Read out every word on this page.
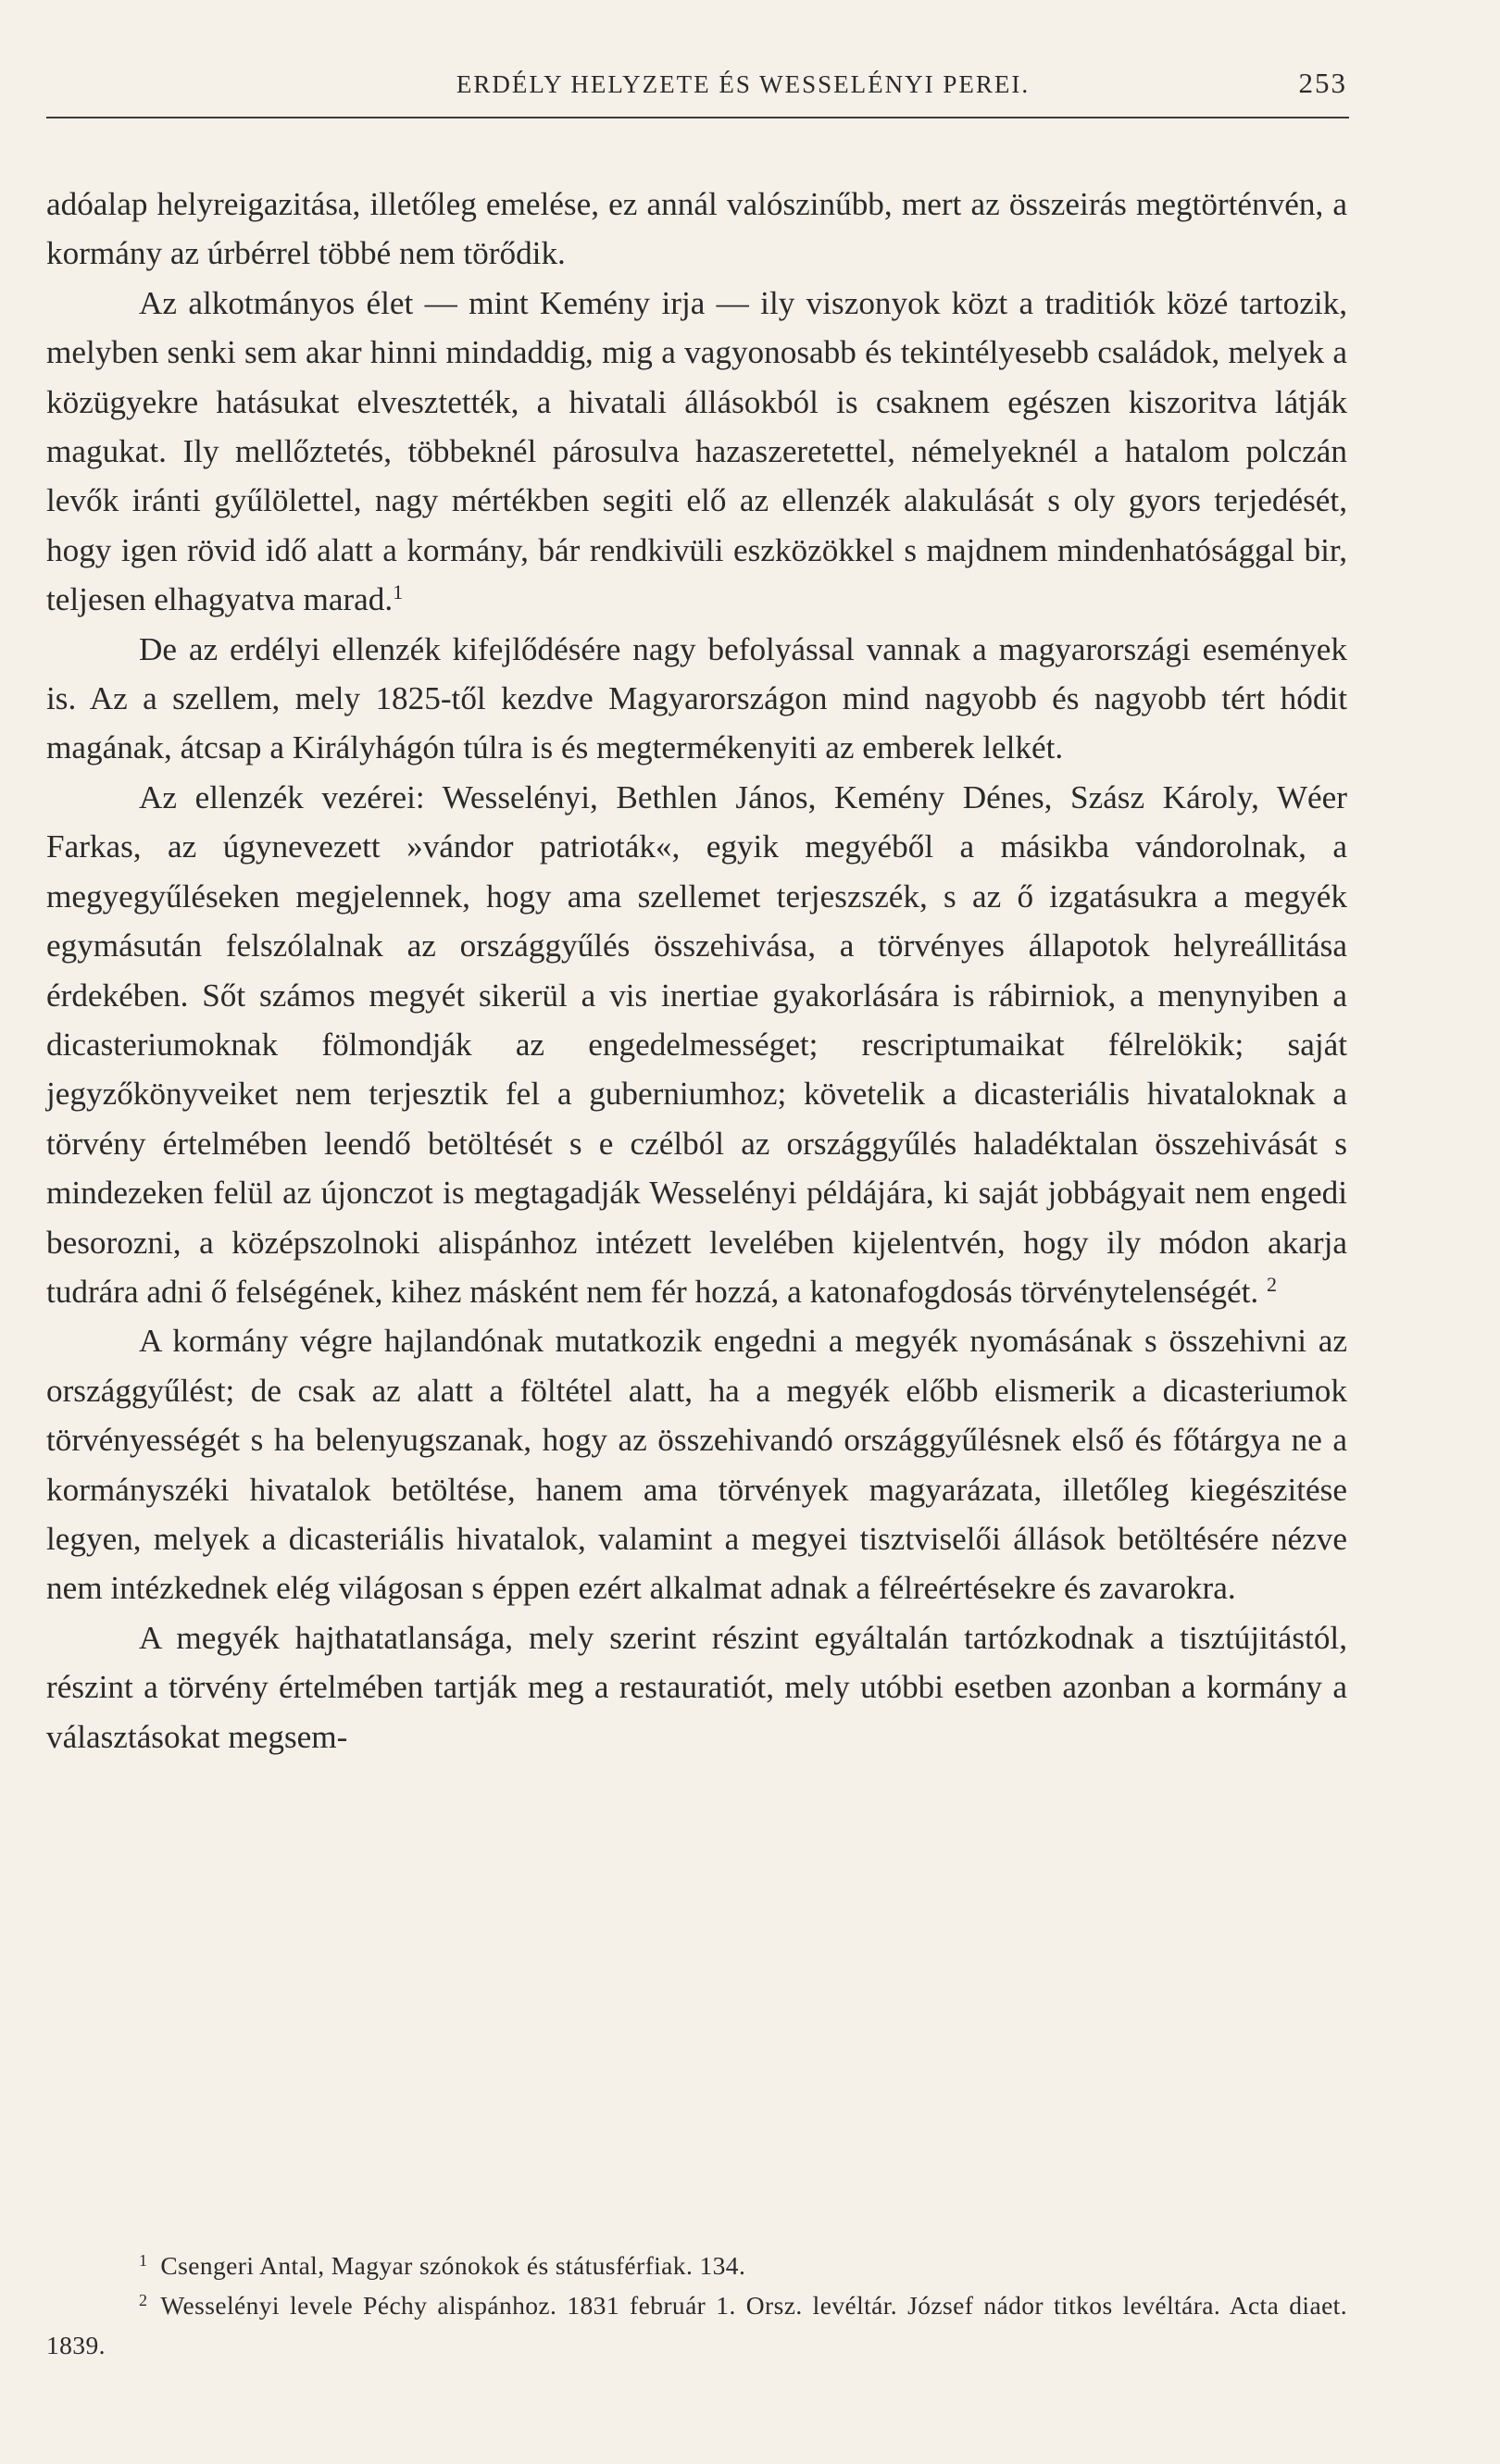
ERDÉLY HELYZETE ÉS WESSELÉNYI PEREI.	253

adóalap helyreigazitása, illetőleg emelése, ez annál valószinűbb, mert az összeirás megtörténvén, a kormány az úrbérrel többé nem törődik.

Az alkotmányos élet — mint Kemény irja — ily viszonyok közt a traditiók közé tartozik, melyben senki sem akar hinni mindaddig, mig a vagyonosabb és tekintélyesebb családok, melyek a közügyekre hatásukat elvesztették, a hivatali állásokból is csaknem egészen kiszoritva látják magukat. Ily mellőztetés, többeknél párosulva hazaszeretettel, némelyeknél a hatalom polczán levők iránti gyűlölettel, nagy mértékben segiti elő az ellenzék alakulását s oly gyors terjedését, hogy igen rövid idő alatt a kormány, bár rendkivüli eszközökkel s majdnem mindenhatósággal bir, teljesen elhagyatva marad.$^1$

De az erdélyi ellenzék kifejlődésére nagy befolyással vannak a magyarországi események is. Az a szellem, mely 1825-től kezdve Magyarországon mind nagyobb és nagyobb tért hódit magának, átcsap a Királyhágón túlra is és megtermékenyiti az emberek lelkét.

Az ellenzék vezérei: Wesselényi, Bethlen János, Kemény Dénes, Szász Károly, Wéer Farkas, az úgynevezett »vándor patrioták«, egyik megyéből a másikba vándorolnak, a megyegyűléseken megjelennek, hogy ama szellemet terjeszszék, s az ő izgatásukra a megyék egymásután felszólalnak az országgyűlés összehivása, a törvényes állapotok helyreállitása érdekében. Sőt számos megyét sikerül a vis inertiae gyakorlására is rábirniok, a menynyiben a dicasteriumoknak fölmondják az engedelmességet; rescriptumaikat félrelökik; saját jegyzőkönyveiket nem terjesztik fel a guberniumhoz; követelik a dicasteriális hivataloknak a törvény értelmében leendő betöltését s e czélból az országgyűlés haladéktalan összehivását s mindezeken felül az újonczot is megtagadják Wesselényi példájára, ki saját jobbágyait nem engedi besorozni, a középszolnoki alispánhoz intézett levelében kijelentvén, hogy ily módon akarja tudrára adni ő felségének, kihez másként nem fér hozzá, a katonafogdosás törvénytelenségét. $^2$

A kormány végre hajlandónak mutatkozik engedni a megyék nyomásának s összehivni az országgyűlést; de csak az alatt a föltétel alatt, ha a megyék előbb elismerik a dicasteriumok törvényességét s ha belenyugszanak, hogy az összehivandó országgyűlésnek első és főtárgya ne a kormányszéki hivatalok betöltése, hanem ama törvények magyarázata, illetőleg kiegészitése legyen, melyek a dicasteriális hivatalok, valamint a megyei tisztviselői állások betöltésére nézve nem intézkednek elég világosan s éppen ezért alkalmat adnak a félreértésekre és zavarokra.

A megyék hajthatatlansága, mely szerint részint egyáltalán tartózkodnak a tisztújitástól, részint a törvény értelmében tartják meg a restauratiót, mely utóbbi esetben azonban a kormány a választásokat megsem-

$^1$ Csengeri Antal, Magyar szónokok és státusférfiak. 134.

$^2$ Wesselényi levele Péchy alispánhoz. 1831 február 1. Orsz. levéltár. József nádor titkos levéltára. Acta diaet. 1839.
